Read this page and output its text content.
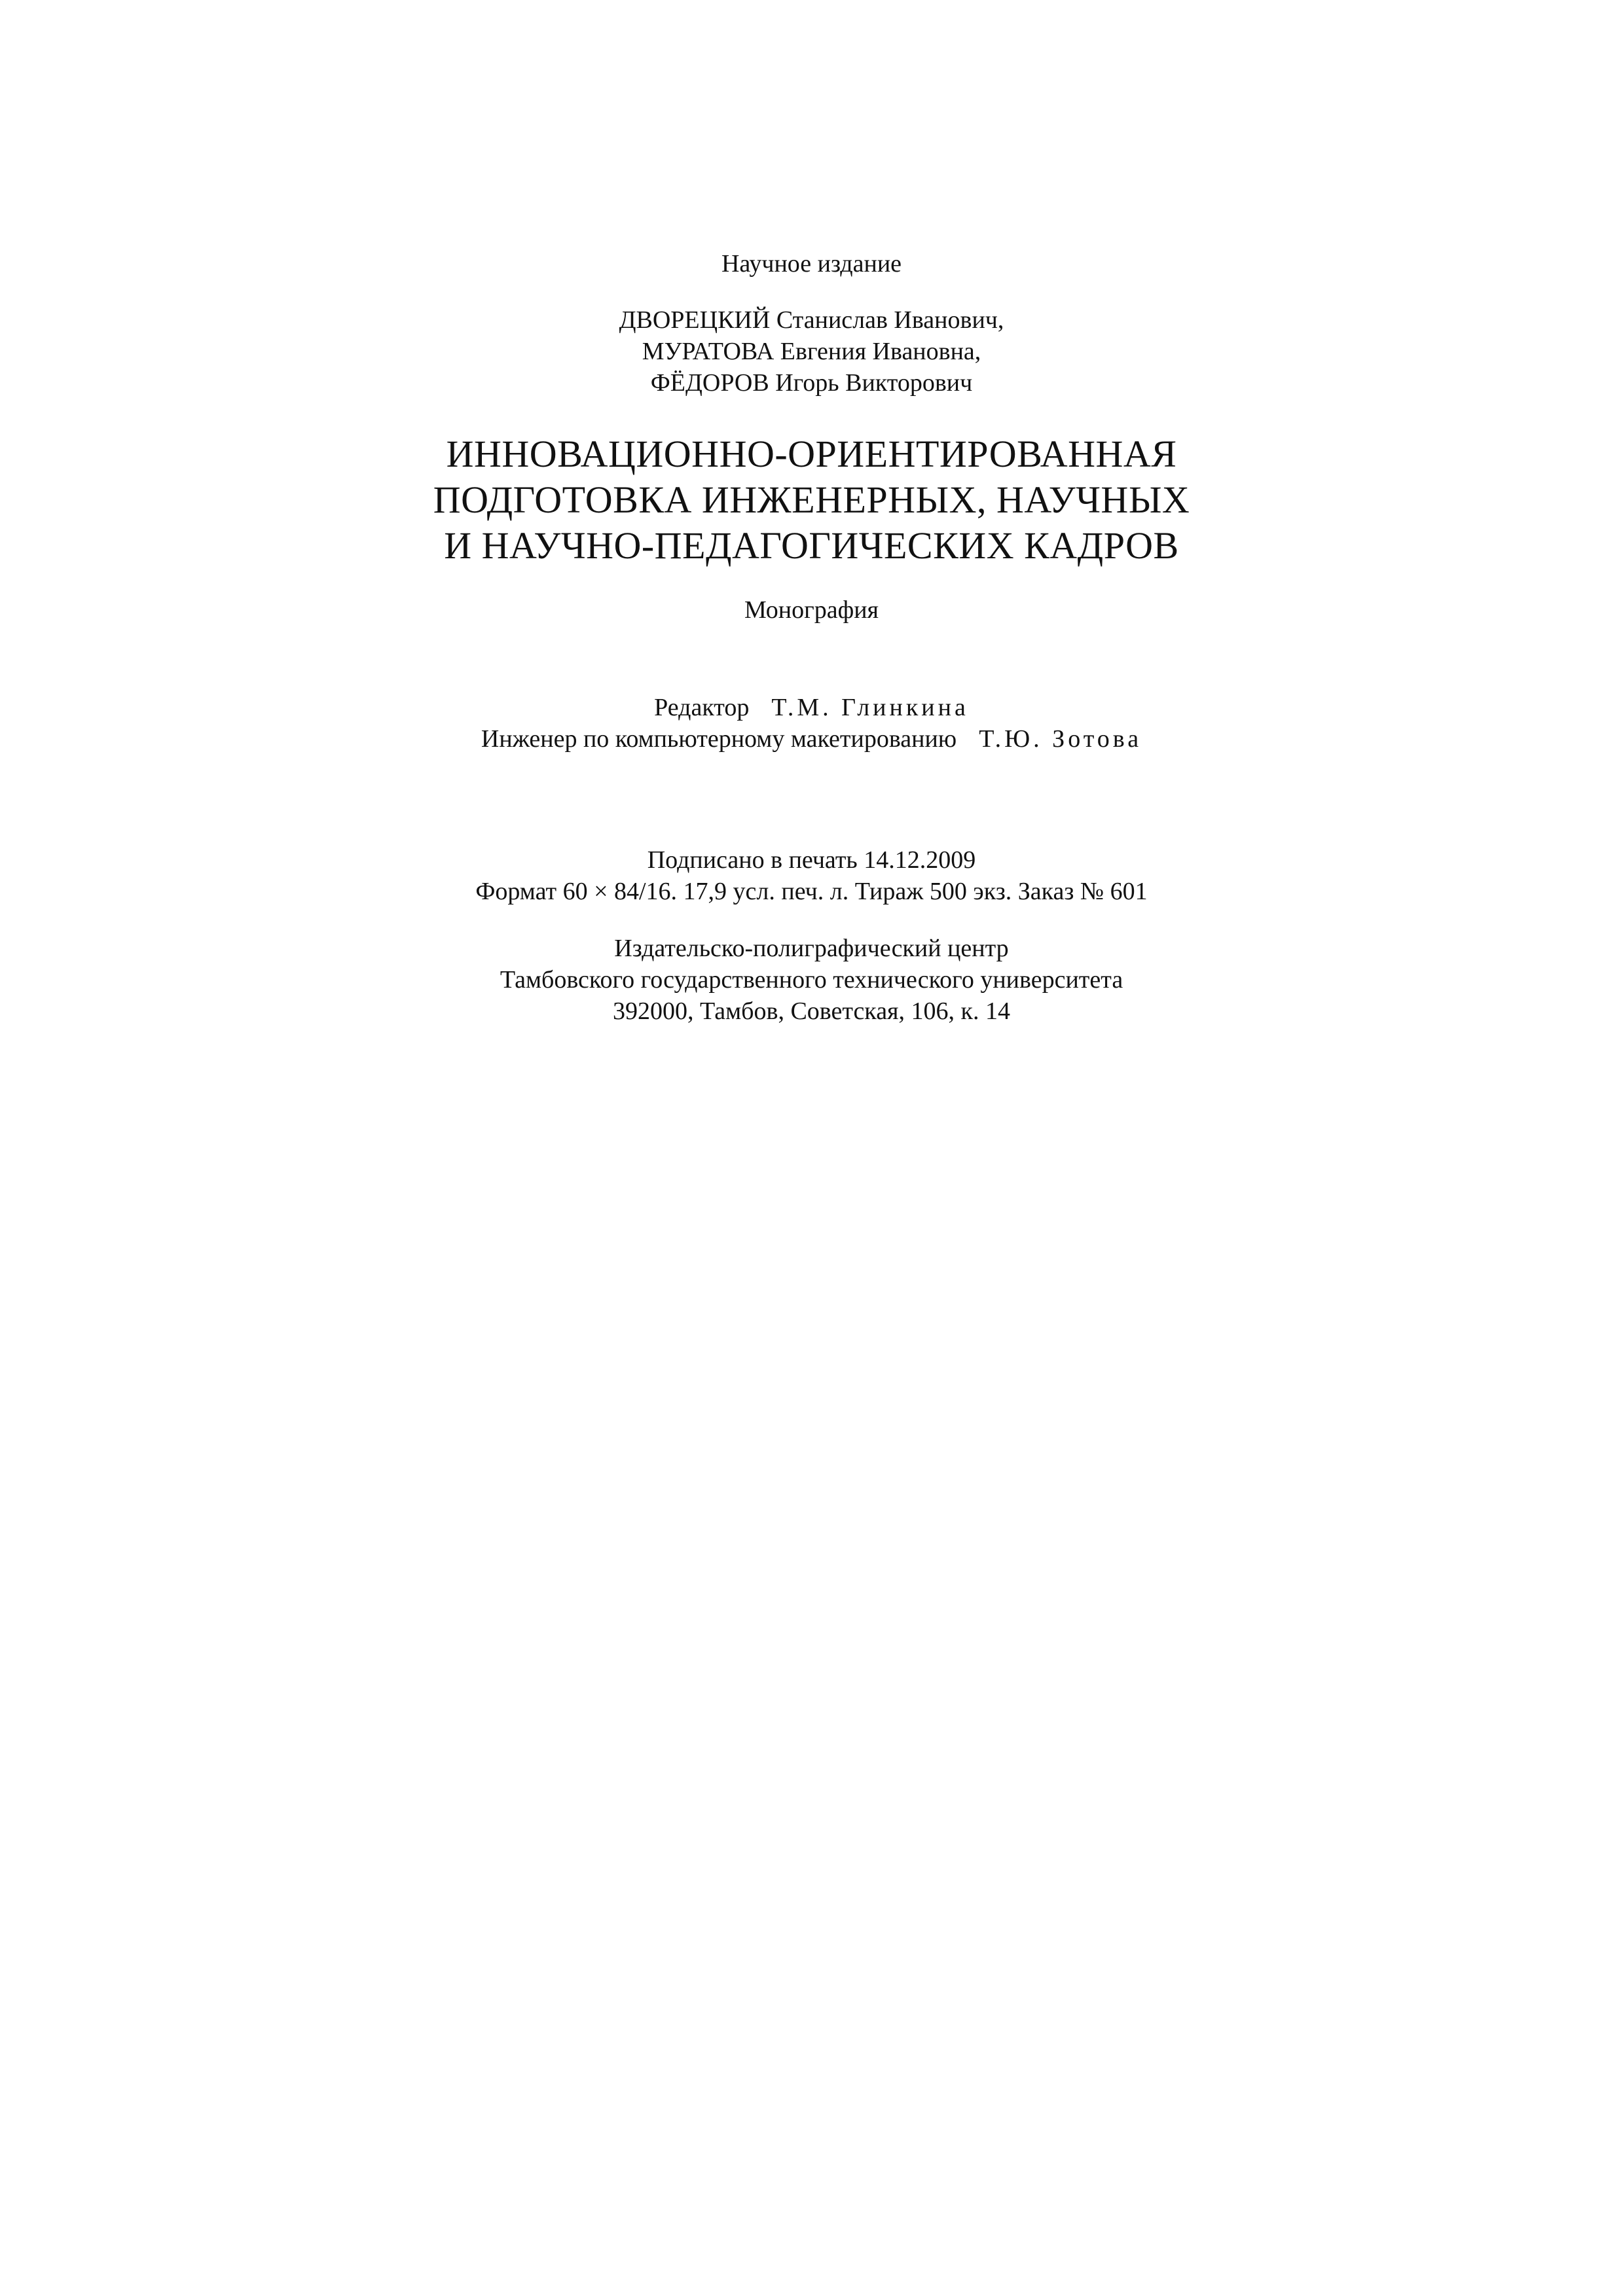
Научное издание
ДВОРЕЦКИЙ Станислав Иванович,
МУРАТОВА Евгения Ивановна,
ФЁДОРОВ Игорь Викторович
ИННОВАЦИОННО-ОРИЕНТИРОВАННАЯ
ПОДГОТОВКА ИНЖЕНЕРНЫХ, НАУЧНЫХ
И НАУЧНО-ПЕДАГОГИЧЕСКИХ КАДРОВ
Монография
Редактор Т.М. Глинкина
Инженер по компьютерному макетированию Т.Ю. Зотова
Подписано в печать 14.12.2009
Формат 60 × 84/16. 17,9 усл. печ. л. Тираж 500 экз. Заказ № 601
Издательско-полиграфический центр
Тамбовского государственного технического университета
392000, Тамбов, Советская, 106, к. 14
